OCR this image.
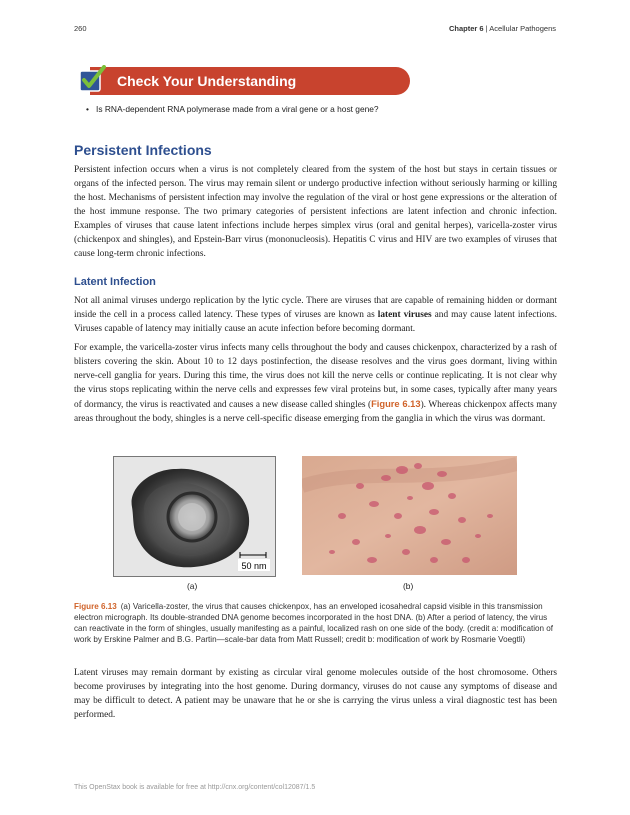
260	Chapter 6 | Acellular Pathogens
Check Your Understanding
• Is RNA-dependent RNA polymerase made from a viral gene or a host gene?
Persistent Infections

Persistent infection occurs when a virus is not completely cleared from the system of the host but stays in certain tissues or organs of the infected person. The virus may remain silent or undergo productive infection without seriously harming or killing the host. Mechanisms of persistent infection may involve the regulation of the viral or host gene expressions or the alteration of the host immune response. The two primary categories of persistent infections are latent infection and chronic infection. Examples of viruses that cause latent infections include herpes simplex virus (oral and genital herpes), varicella-zoster virus (chickenpox and shingles), and Epstein-Barr virus (mononucleosis). Hepatitis C virus and HIV are two examples of viruses that cause long-term chronic infections.

Latent Infection

Not all animal viruses undergo replication by the lytic cycle. There are viruses that are capable of remaining hidden or dormant inside the cell in a process called latency. These types of viruses are known as latent viruses and may cause latent infections. Viruses capable of latency may initially cause an acute infection before becoming dormant.

For example, the varicella-zoster virus infects many cells throughout the body and causes chickenpox, characterized by a rash of blisters covering the skin. About 10 to 12 days postinfection, the disease resolves and the virus goes dormant, living within nerve-cell ganglia for years. During this time, the virus does not kill the nerve cells or continue replicating. It is not clear why the virus stops replicating within the nerve cells and expresses few viral proteins but, in some cases, typically after many years of dormancy, the virus is reactivated and causes a new disease called shingles (Figure 6.13). Whereas chickenpox affects many areas throughout the body, shingles is a nerve cell-specific disease emerging from the ganglia in which the virus was dormant.

50 nm
(a)	(b)

Figure 6.13 (a) Varicella-zoster, the virus that causes chickenpox, has an enveloped icosahedral capsid visible in this transmission electron micrograph. Its double-stranded DNA genome becomes incorporated in the host DNA. (b) After a period of latency, the virus can reactivate in the form of shingles, usually manifesting as a painful, localized rash on one side of the body. (credit a: modification of work by Erskine Palmer and B.G. Partin—scale-bar data from Matt Russell; credit b: modification of work by Rosmarie Voegtli)

Latent viruses may remain dormant by existing as circular viral genome molecules outside of the host chromosome. Others become proviruses by integrating into the host genome. During dormancy, viruses do not cause any symptoms of disease and may be difficult to detect. A patient may be unaware that he or she is carrying the virus unless a viral diagnostic test has been performed.

This OpenStax book is available for free at http://cnx.org/content/col12087/1.5
